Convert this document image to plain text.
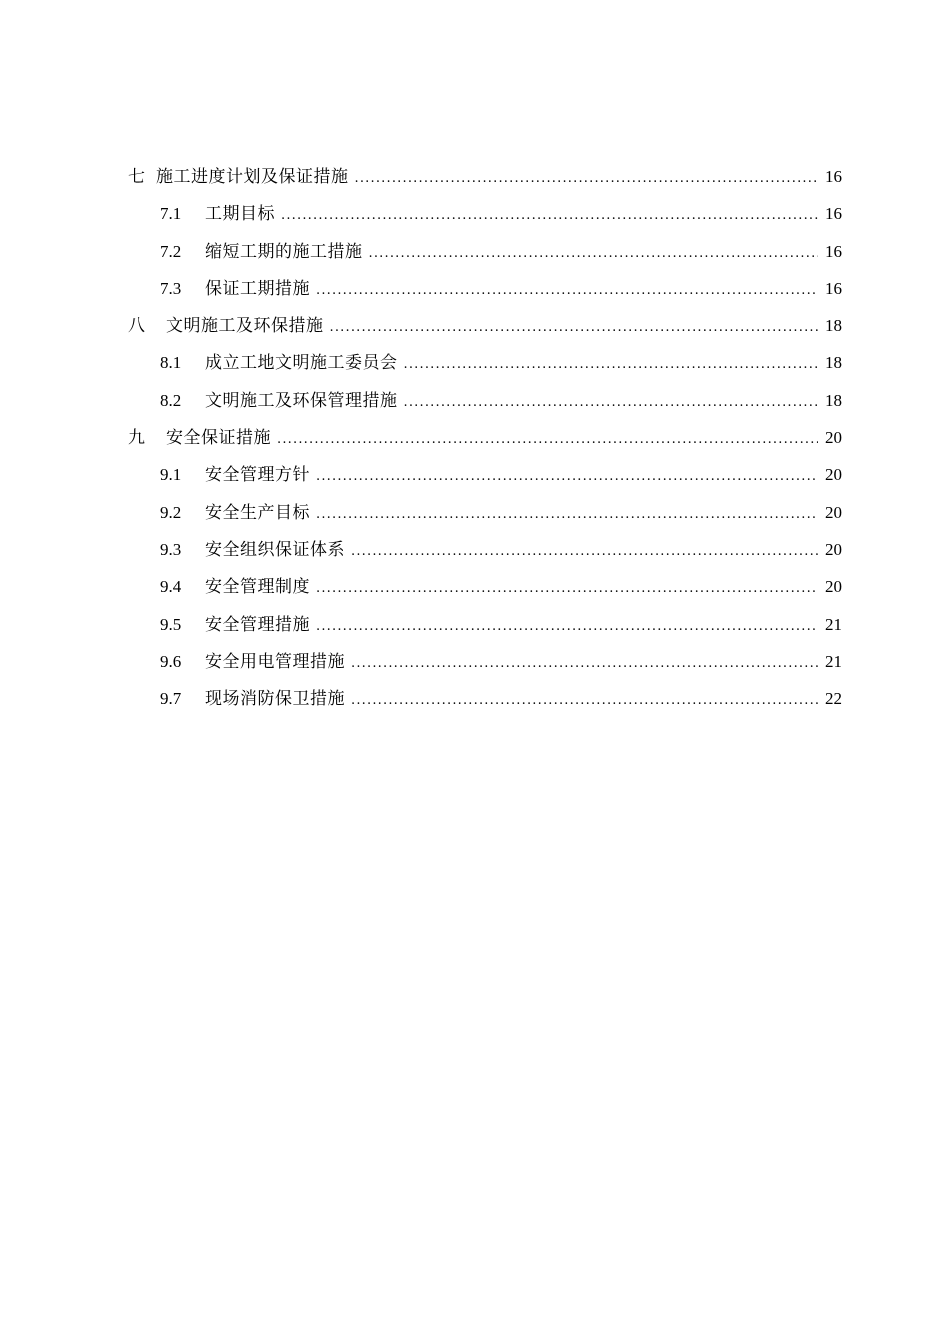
七 施工进度计划及保证措施 .....	16
7.1	工期目标 .....	16
7.2	缩短工期的施工措施 .....	16
7.3	保证工期措施 .....	16
八	文明施工及环保措施 .....	18
8.1	成立工地文明施工委员会 .....	18
8.2	文明施工及环保管理措施 .....	18
九	安全保证措施 .....	20
9.1	安全管理方针 .....	20
9.2	安全生产目标 .....	20
9.3	安全组织保证体系 .....	20
9.4	安全管理制度 .....	20
9.5	安全管理措施 .....	21
9.6	安全用电管理措施 .....	21
9.7	现场消防保卫措施 .....	22
